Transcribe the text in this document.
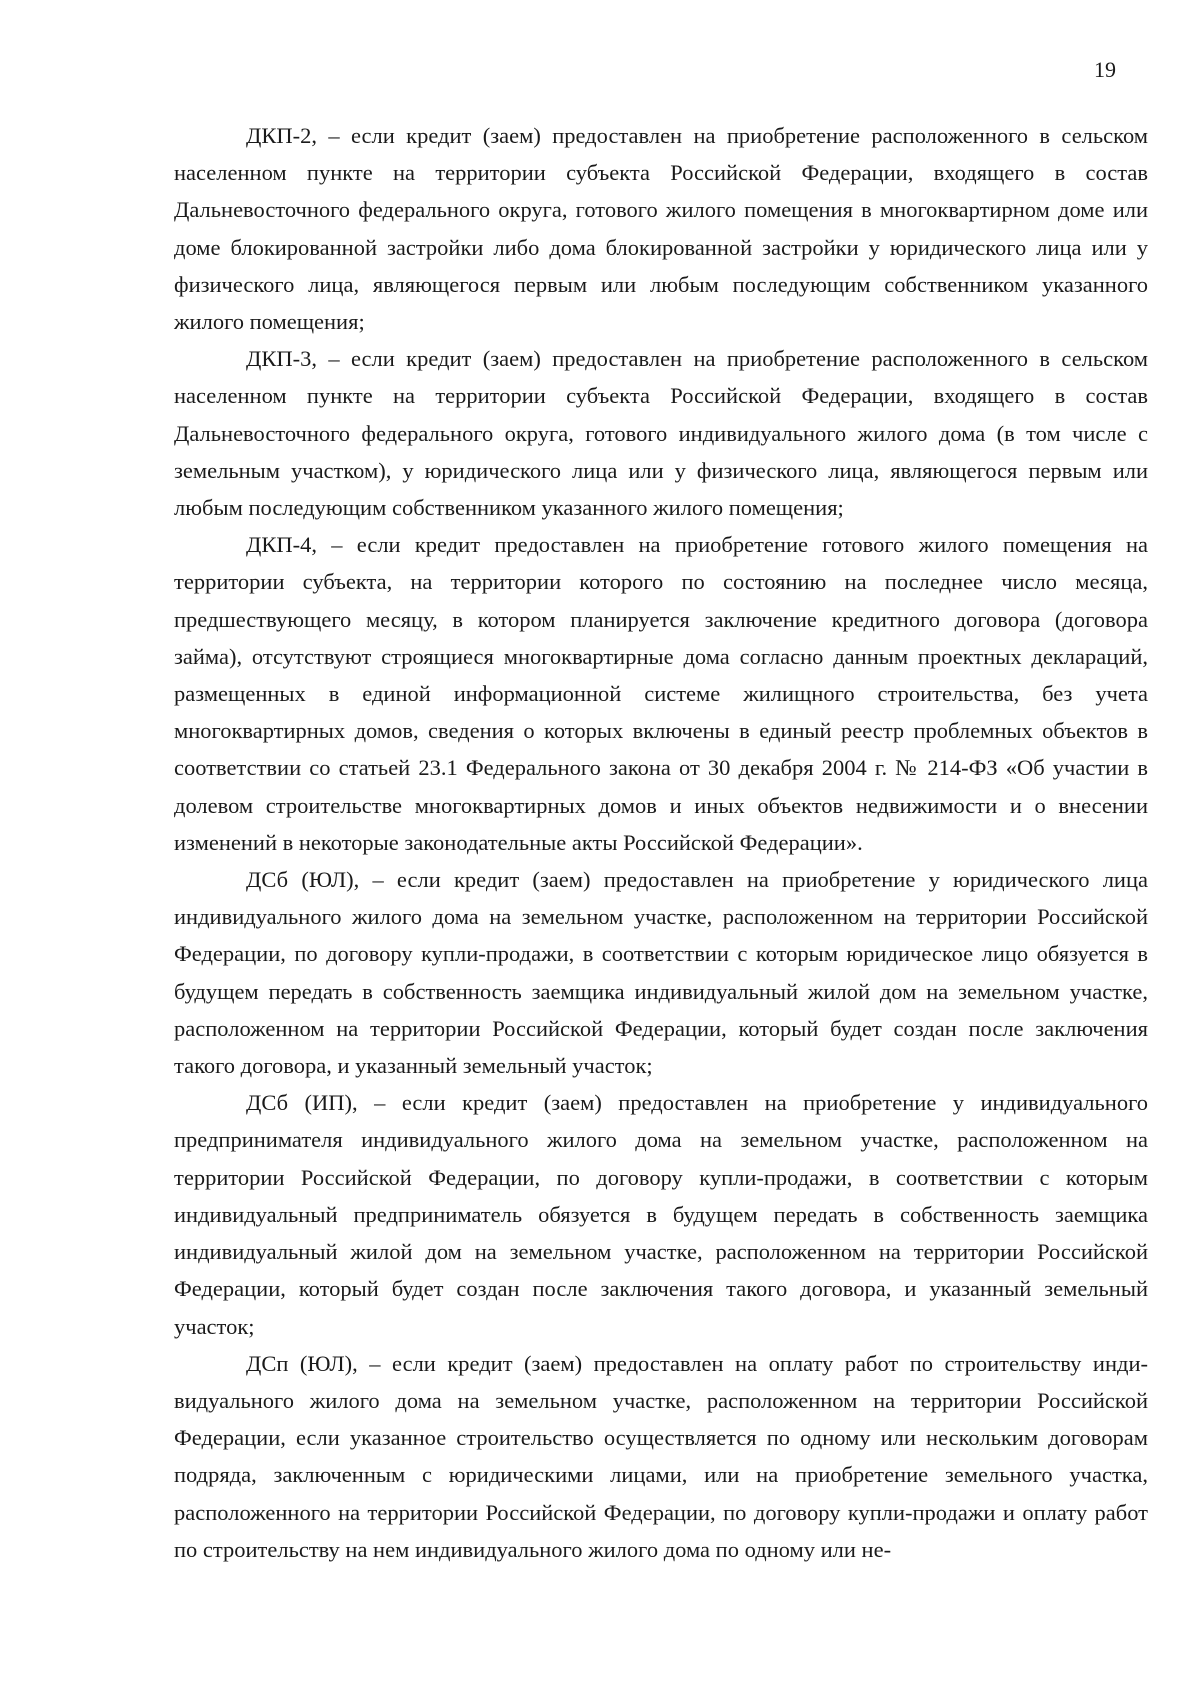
19

ДКП-2, – если кредит (заем) предоставлен на приобретение расположенного в сельском населенном пункте на территории субъекта Российской Федерации, входящего в состав Дальневосточного федерального округа, готового жилого помещения в многоквартирном доме или доме блокированной застройки либо дома блокированной застройки у юридического лица или у физического лица, являющегося первым или любым последующим собственником указанного жилого помещения;

ДКП-3, – если кредит (заем) предоставлен на приобретение расположенного в сельском населенном пункте на территории субъекта Российской Федерации, входящего в состав Дальневосточного федерального округа, готового индивидуального жилого дома (в том числе с земельным участком), у юридического лица или у физического лица, являющегося первым или любым последующим собственником указанного жилого помещения;

ДКП-4, – если кредит предоставлен на приобретение готового жилого помещения на территории субъекта, на территории которого по состоянию на последнее число месяца, предшествующего месяцу, в котором планируется заключение кредитного договора (договора займа), отсутствуют строящиеся многоквартирные дома согласно данным проектных деклараций, размещенных в единой информационной системе жилищного строительства, без учета многоквартирных домов, сведения о которых включены в единый реестр проблемных объектов в соответствии со статьей 23.1 Федерального закона от 30 декабря 2004 г. № 214-ФЗ «Об участии в долевом строительстве многоквартирных домов и иных объектов недвижимости и о внесении изменений в некоторые законодательные акты Российской Федерации».

ДСб (ЮЛ), – если кредит (заем) предоставлен на приобретение у юридического лица индивидуального жилого дома на земельном участке, расположенном на территории Российской Федерации, по договору купли-продажи, в соответствии с которым юридическое лицо обязуется в будущем передать в собственность заемщика индивидуальный жилой дом на земельном участке, расположенном на территории Российской Федерации, который будет создан после заключения такого договора, и указанный земельный участок;

ДСб (ИП), – если кредит (заем) предоставлен на приобретение у индивидуального предпринимателя индивидуального жилого дома на земельном участке, расположенном на территории Российской Федерации, по договору купли-продажи, в соответствии с которым индивидуальный предприниматель обязуется в будущем передать в собственность заемщика индивидуальный жилой дом на земельном участке, расположенном на территории Российской Федерации, который будет создан после заключения такого договора, и указанный земельный участок;

ДСп (ЮЛ), – если кредит (заем) предоставлен на оплату работ по строительству индивидуального жилого дома на земельном участке, расположенном на территории Российской Федерации, если указанное строительство осуществляется по одному или нескольким договорам подряда, заключенным с юридическими лицами, или на приобретение земельного участка, расположенного на территории Российской Федерации, по договору купли-продажи и оплату работ по строительству на нем индивидуального жилого дома по одному или не-
